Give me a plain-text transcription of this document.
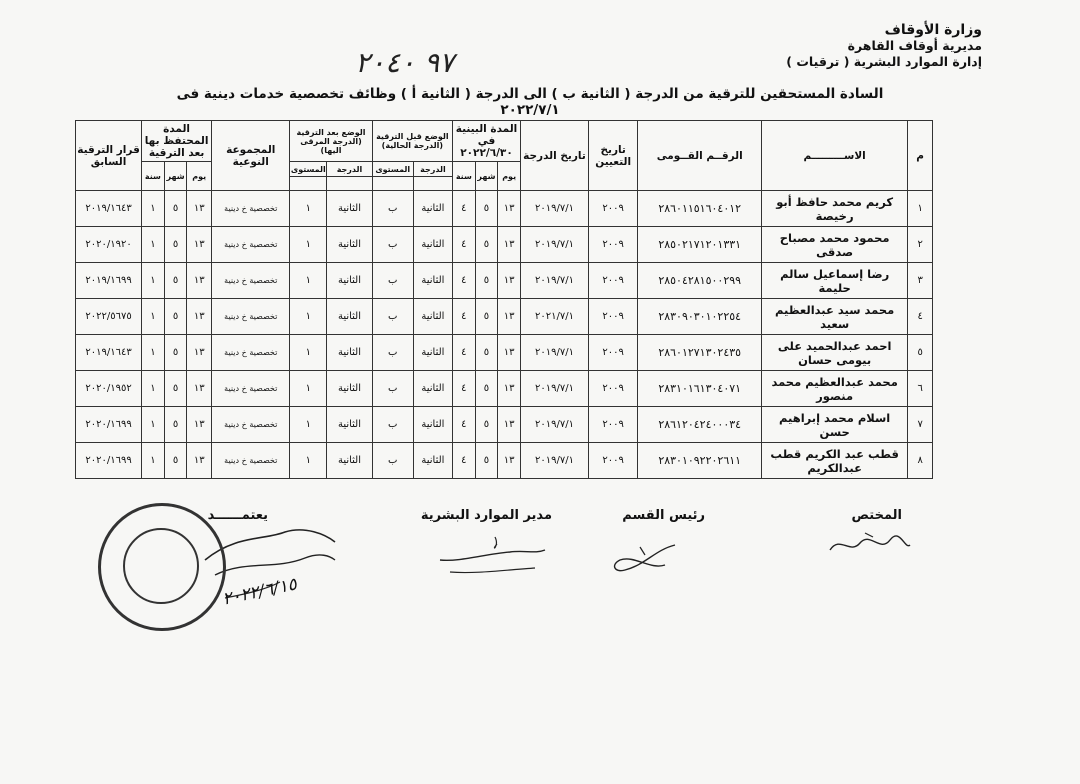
وزارة الأوقاف
مديرية أوقاف القاهرة
إدارة الموارد البشرية ( ترقيات )
٩٧ ٢٠٤٠
السادة المستحقين للترقية من الدرجة ( الثانية ب ) الى الدرجة ( الثانية أ ) وظائف تخصصية خدمات دينية فى ٢٠٢٢/٧/١
م	الاســـــــــم	الرقــم القــومى	تاريخ التعيين	تاريخ الدرجة	المدة البينية في ٢٠٢٢/٦/٣٠			الوضع قبل الترقية (الدرجة الحالية)		الوضع بعد الترقية (الدرجة المرقى اليها)		المجموعة النوعية	المدة المحتفظ بها بعد الترقية			قرار الترقية السابق
					يوم	شهر	سنة	الدرجة	المستوى	الدرجة	المستوى		يوم	شهر	سنة	

١	كريم محمد حافظ أبو رخيصة	٢٨٦٠١١٥١٦٠٤٠١٢	٢٠٠٩	٢٠١٩/٧/١	١٣	٥	٤	الثانية	ب	الثانية	١	تخصصية خ دينية	١٣	٥	١	٢٠١٩/١٦٤٣
٢	محمود محمد مصباح صدقى	٢٨٥٠٢١٧١٢٠١٣٣١	٢٠٠٩	٢٠١٩/٧/١	١٣	٥	٤	الثانية	ب	الثانية	١	تخصصية خ دينية	١٣	٥	١	٢٠٢٠/١٩٢٠
٣	رضا إسماعيل سالم حليمة	٢٨٥٠٤٢٨١٥٠٠٢٩٩	٢٠٠٩	٢٠١٩/٧/١	١٣	٥	٤	الثانية	ب	الثانية	١	تخصصية خ دينية	١٣	٥	١	٢٠١٩/١٦٩٩
٤	محمد سيد عبدالعظيم سعيد	٢٨٣٠٩٠٣٠١٠٢٢٥٤	٢٠٠٩	٢٠٢١/٧/١	١٣	٥	٤	الثانية	ب	الثانية	١	تخصصية خ دينية	١٣	٥	١	٢٠٢٢/٥٦٧٥
٥	احمد عبدالحميد على بيومى حسان	٢٨٦٠١٢٧١٣٠٢٤٣٥	٢٠٠٩	٢٠١٩/٧/١	١٣	٥	٤	الثانية	ب	الثانية	١	تخصصية خ دينية	١٣	٥	١	٢٠١٩/١٦٤٣
٦	محمد عبدالعظيم محمد منصور	٢٨٣١٠١٦١٣٠٤٠٧١	٢٠٠٩	٢٠١٩/٧/١	١٣	٥	٤	الثانية	ب	الثانية	١	تخصصية خ دينية	١٣	٥	١	٢٠٢٠/١٩٥٢
٧	اسلام محمد إبراهيم حسن	٢٨٦١٢٠٤٢٤٠٠٠٣٤	٢٠٠٩	٢٠١٩/٧/١	١٣	٥	٤	الثانية	ب	الثانية	١	تخصصية خ دينية	١٣	٥	١	٢٠٢٠/١٦٩٩
٨	قطب عبد الكريم قطب عبدالكريم	٢٨٣٠١٠٩٢٢٠٢٦١١	٢٠٠٩	٢٠١٩/٧/١	١٣	٥	٤	الثانية	ب	الثانية	١	تخصصية خ دينية	١٣	٥	١	٢٠٢٠/١٦٩٩
المختص
رئيس القسم
مدير الموارد البشرية
يعتمــــــد
٢٠٢٢/٦/١٥
